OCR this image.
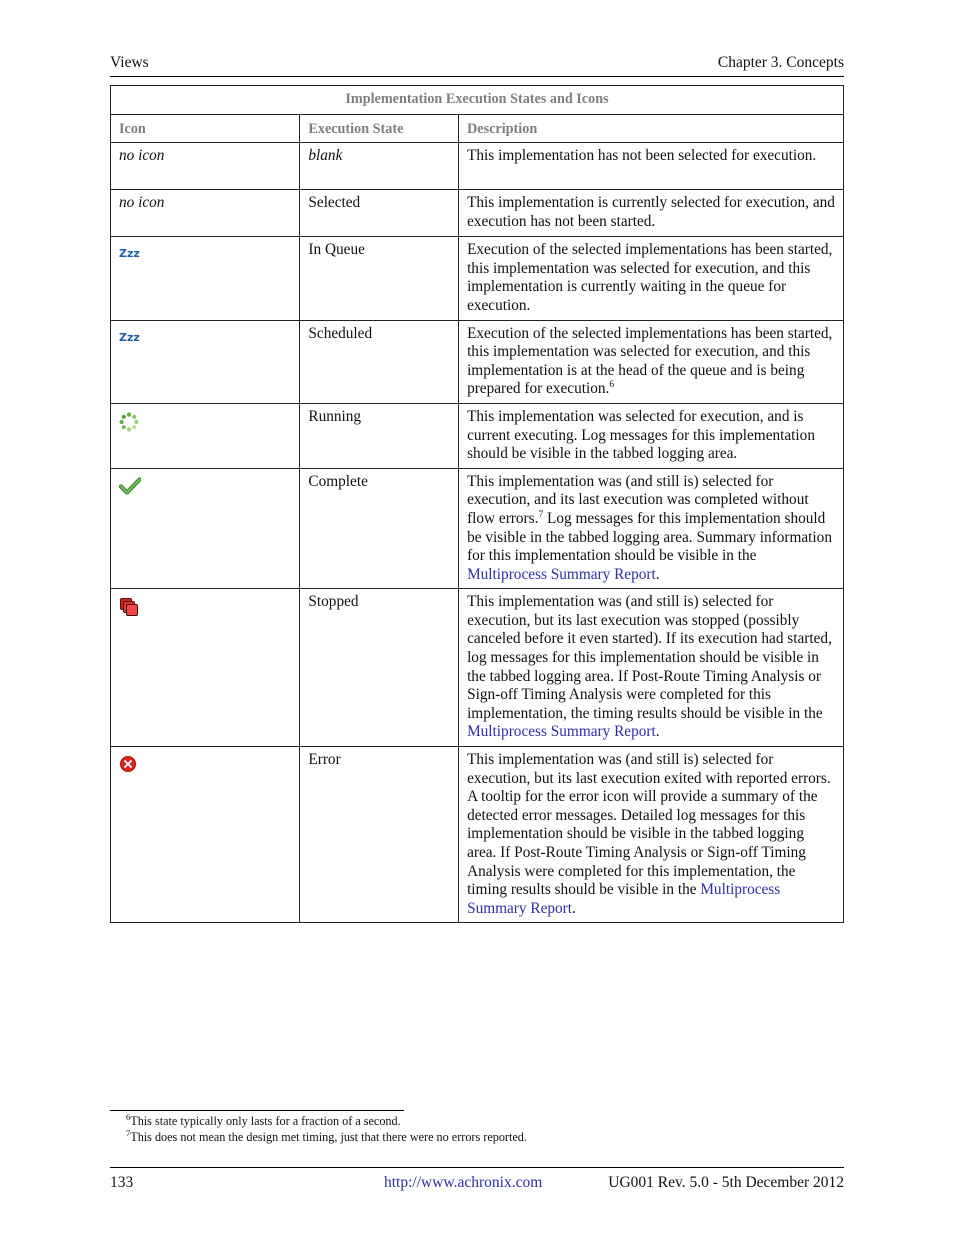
Views	Chapter 3. Concepts
Implementation Execution States and Icons		
Icon	Execution State	Description
no icon	blank	This implementation has not been selected for execution.
no icon	Selected	This implementation is currently selected for execution, and execution has not been started.
Zzz	In Queue	Execution of the selected implementations has been started, this implementation was selected for execution, and this implementation is currently waiting in the queue for execution.
Zzz	Scheduled	Execution of the selected implementations has been started, this implementation was selected for execution, and this implementation is at the head of the queue and is being prepared for execution.$^6$
	Running	This implementation was selected for execution, and is current executing. Log messages for this implementation should be visible in the tabbed logging area.
	Complete	This implementation was (and still is) selected for execution, and its last execution was completed without flow errors.$^7$ Log messages for this implementation should be visible in the tabbed logging area. Summary information for this implementation should be visible in the Multiprocess Summary Report.
	Stopped	This implementation was (and still is) selected for execution, but its last execution was stopped (possibly canceled before it even started). If its execution had started, log messages for this implementation should be visible in the tabbed logging area. If Post-Route Timing Analysis or Sign-off Timing Analysis were completed for this implementation, the timing results should be visible in the Multiprocess Summary Report.
	Error	This implementation was (and still is) selected for execution, but its last execution exited with reported errors. A tooltip for the error icon will provide a summary of the detected error messages. Detailed log messages for this implementation should be visible in the tabbed logging area. If Post-Route Timing Analysis or Sign-off Timing Analysis were completed for this implementation, the timing results should be visible in the Multiprocess Summary Report.
$^6$This state typically only lasts for a fraction of a second.
$^7$This does not mean the design met timing, just that there were no errors reported.
133	http://www.achronix.com	UG001 Rev. 5.0 - 5th December 2012
